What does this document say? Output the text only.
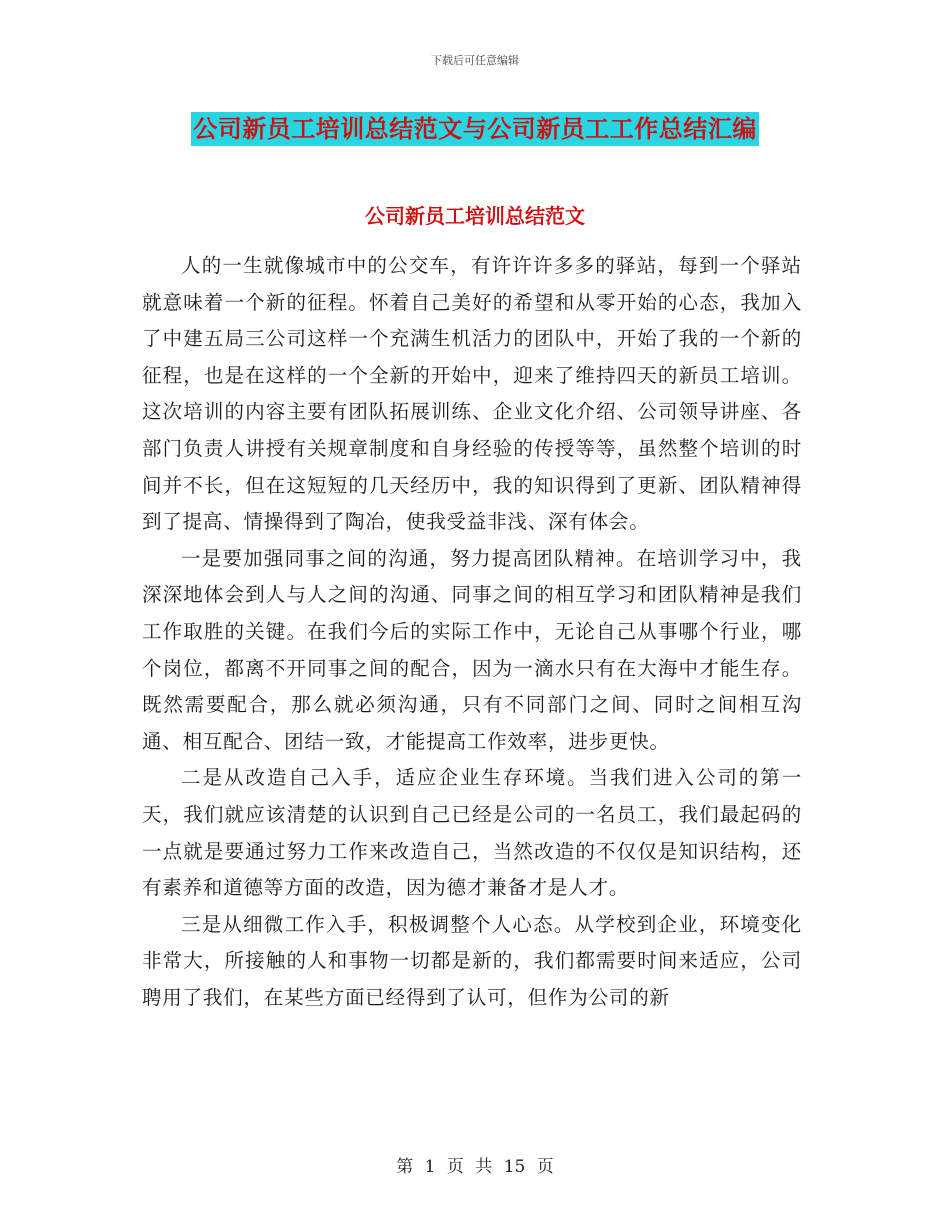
下载后可任意编辑
公司新员工培训总结范文与公司新员工工作总结汇编
公司新员工培训总结范文

人的一生就像城市中的公交车，有许许许多多的驿站，每到一个驿站就意味着一个新的征程。怀着自己美好的希望和从零开始的心态，我加入了中建五局三公司这样一个充满生机活力的团队中，开始了我的一个新的征程，也是在这样的一个全新的开始中，迎来了维持四天的新员工培训。这次培训的内容主要有团队拓展训练、企业文化介绍、公司领导讲座、各部门负责人讲授有关规章制度和自身经验的传授等等，虽然整个培训的时间并不长，但在这短短的几天经历中，我的知识得到了更新、团队精神得到了提高、情操得到了陶冶，使我受益非浅、深有体会。

一是要加强同事之间的沟通，努力提高团队精神。在培训学习中，我深深地体会到人与人之间的沟通、同事之间的相互学习和团队精神是我们工作取胜的关键。在我们今后的实际工作中，无论自己从事哪个行业，哪个岗位，都离不开同事之间的配合，因为一滴水只有在大海中才能生存。既然需要配合，那么就必须沟通，只有不同部门之间、同时之间相互沟通、相互配合、团结一致，才能提高工作效率，进步更快。

二是从改造自己入手，适应企业生存环境。当我们进入公司的第一天，我们就应该清楚的认识到自己已经是公司的一名员工，我们最起码的一点就是要通过努力工作来改造自己，当然改造的不仅仅是知识结构，还有素养和道德等方面的改造，因为德才兼备才是人才。

三是从细微工作入手，积极调整个人心态。从学校到企业，环境变化非常大，所接触的人和事物一切都是新的，我们都需要时间来适应，公司聘用了我们，在某些方面已经得到了认可，但作为公司的新

第 1 页 共 15 页
